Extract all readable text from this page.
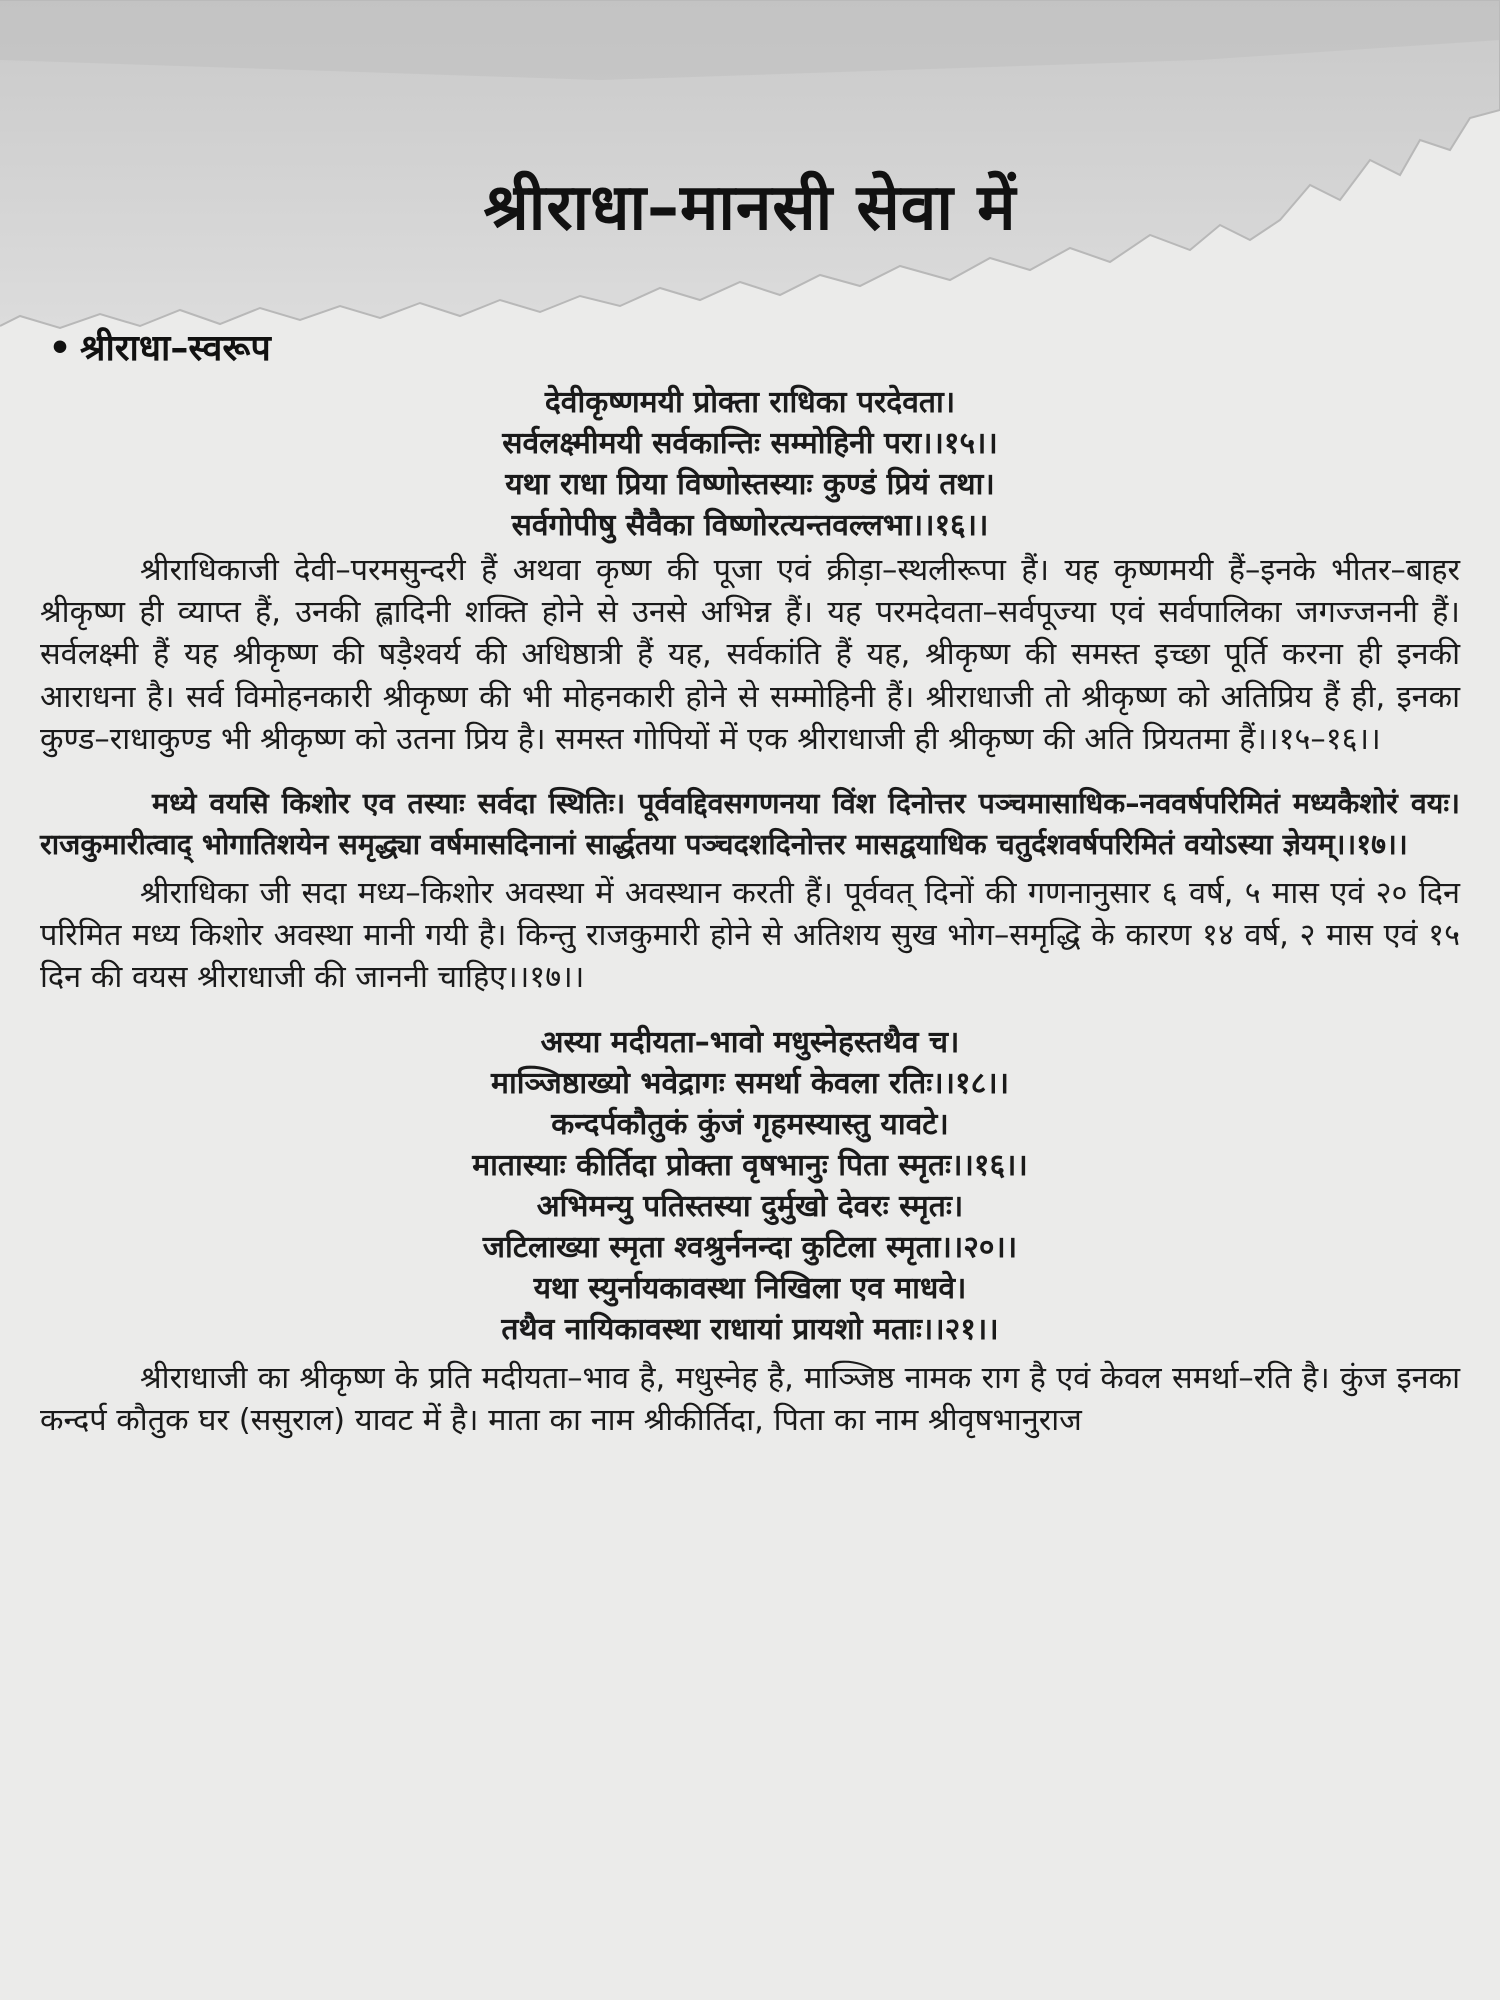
श्रीराधा–मानसी सेवा में
• श्रीराधा–स्वरूप

देवीकृष्णमयी प्रोक्ता राधिका परदेवता।

सर्वलक्ष्मीमयी सर्वकान्तिः सम्मोहिनी परा।।१५।।

यथा राधा प्रिया विष्णोस्तस्याः कुण्डं प्रियं तथा।

सर्वगोपीषु सैवैका विष्णोरत्यन्तवल्लभा।।१६।।

श्रीराधिकाजी देवी–परमसुन्दरी हैं अथवा कृष्ण की पूजा एवं क्रीड़ा–स्थलीरूपा हैं। यह कृष्णमयी हैं–इनके भीतर–बाहर श्रीकृष्ण ही व्याप्त हैं, उनकी ह्लादिनी शक्ति होने से उनसे अभिन्न हैं। यह परमदेवता–सर्वपूज्या एवं सर्वपालिका जगज्जननी हैं। सर्वलक्ष्मी हैं यह श्रीकृष्ण की षड़ैश्वर्य की अधिष्ठात्री हैं यह, सर्वकांति हैं यह, श्रीकृष्ण की समस्त इच्छा पूर्ति करना ही इनकी आराधना है। सर्व विमोहनकारी श्रीकृष्ण की भी मोहनकारी होने से सम्मोहिनी हैं। श्रीराधाजी तो श्रीकृष्ण को अतिप्रिय हैं ही, इनका कुण्ड–राधाकुण्ड भी श्रीकृष्ण को उतना प्रिय है। समस्त गोपियों में एक श्रीराधाजी ही श्रीकृष्ण की अति प्रियतमा हैं।।१५–१६।।

मध्ये वयसि किशोर एव तस्याः सर्वदा स्थितिः। पूर्ववद्दिवसगणनया विंश दिनोत्तर पञ्चमासाधिक–नववर्षपरिमितं मध्यकैशोरं वयः। राजकुमारीत्वाद् भोगातिशयेन समृद्ध्या वर्षमासदिनानां सार्द्धतया पञ्चदशदिनोत्तर मासद्वयाधिक चतुर्दशवर्षपरिमितं वयोऽस्या ज्ञेयम्।।१७।।

श्रीराधिका जी सदा मध्य–किशोर अवस्था में अवस्थान करती हैं। पूर्ववत् दिनों की गणनानुसार ६ वर्ष, ५ मास एवं २० दिन परिमित मध्य किशोर अवस्था मानी गयी है। किन्तु राजकुमारी होने से अतिशय सुख भोग–समृद्धि के कारण १४ वर्ष, २ मास एवं १५ दिन की वयस श्रीराधाजी की जाननी चाहिए।।१७।।

अस्या मदीयता–भावो मधुस्नेहस्तथैव च।

माञ्जिष्ठाख्यो भवेद्रागः समर्था केवला रतिः।।१८।।

कन्दर्पकौतुकं कुंजं गृहमस्यास्तु यावटे।

मातास्याः कीर्तिदा प्रोक्ता वृषभानुः पिता स्मृतः।।१६।।

अभिमन्यु पतिस्तस्या दुर्मुखो देवरः स्मृतः।

जटिलाख्या स्मृता श्वश्रुर्ननन्दा कुटिला स्मृता।।२०।।

यथा स्युर्नायकावस्था निखिला एव माधवे।

तथैव नायिकावस्था राधायां प्रायशो मताः।।२१।।

श्रीराधाजी का श्रीकृष्ण के प्रति मदीयता–भाव है, मधुस्नेह है, माञ्जिष्ठ नामक राग है एवं केवल समर्था–रति है। कुंज इनका कन्दर्प कौतुक घर (ससुराल) यावट में है। माता का नाम श्रीकीर्तिदा, पिता का नाम श्रीवृषभानुराज
